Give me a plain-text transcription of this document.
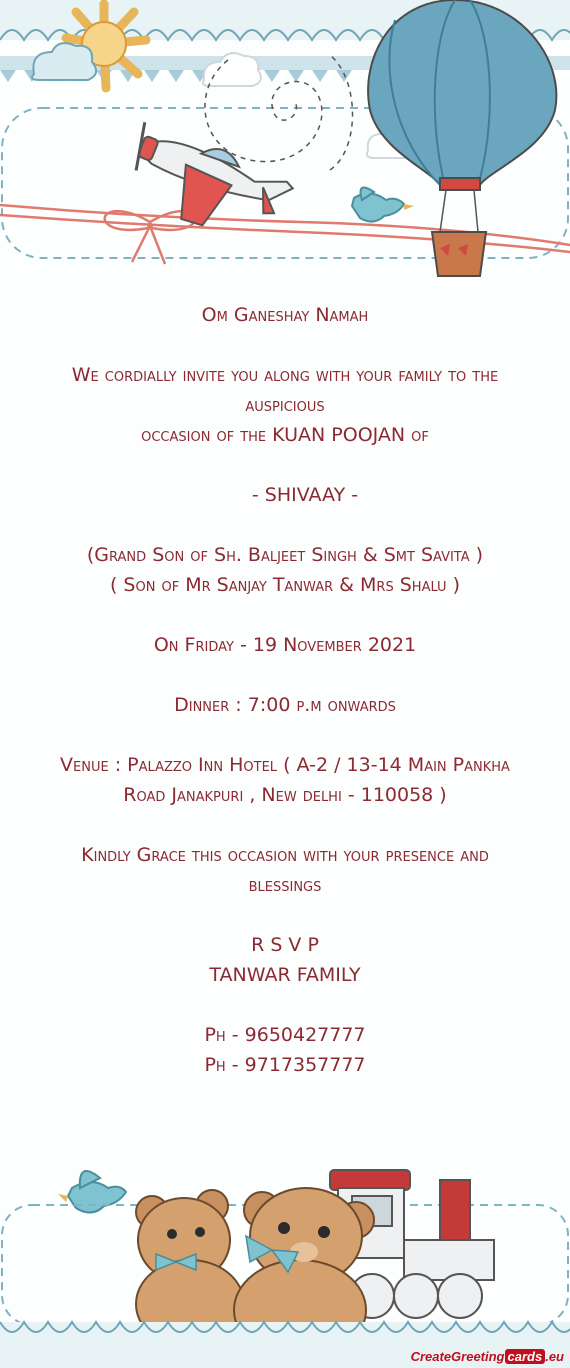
Om Ganeshay Namah
We cordially invite you along with your family to the
auspicious
occasion of the KUAN POOJAN of
- SHIVAAY -
(Grand Son of Sh. Baljeet Singh & Smt Savita )
( Son of Mr Sanjay Tanwar & Mrs Shalu )
On Friday - 19 November 2021
Dinner : 7:00 p.m onwards
Venue : Palazzo Inn Hotel ( A-2 / 13-14 Main Pankha
Road Janakpuri , New delhi - 110058 )
Kindly Grace this occasion with your presence and
blessings
R S V P
TANWAR FAMILY
Ph - 9650427777
Ph - 9717357777
CreateGreeting cards .eu
